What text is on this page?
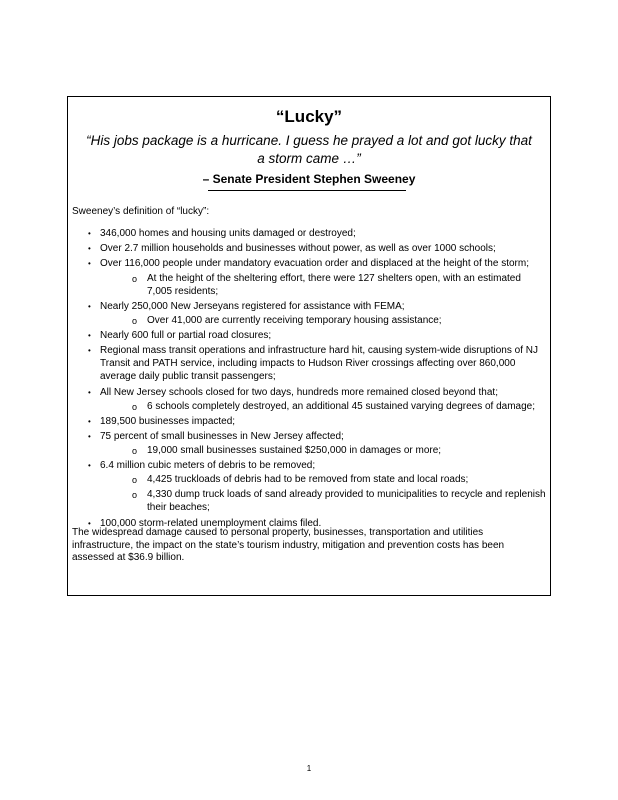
“Lucky”
“His jobs package is a hurricane. I guess he prayed a lot and got lucky that a storm came …”
– Senate President Stephen Sweeney
Sweeney’s definition of “lucky”:
• 346,000 homes and housing units damaged or destroyed;
• Over 2.7 million households and businesses without power, as well as over 1000 schools;
• Over 116,000 people under mandatory evacuation order and displaced at the height of the storm;
o At the height of the sheltering effort, there were 127 shelters open, with an estimated
7,005 residents;
• Nearly 250,000 New Jerseyans registered for assistance with FEMA;
o Over 41,000 are currently receiving temporary housing assistance;
• Nearly 600 full or partial road closures;
• Regional mass transit operations and infrastructure hard hit, causing system-wide disruptions of NJ
Transit and PATH service, including impacts to Hudson River crossings affecting over 860,000
average daily public transit passengers;
• All New Jersey schools closed for two days, hundreds more remained closed beyond that;
o 6 schools completely destroyed, an additional 45 sustained varying degrees of damage;
• 189,500 businesses impacted;
• 75 percent of small businesses in New Jersey affected;
o 19,000 small businesses sustained $250,000 in damages or more;
• 6.4 million cubic meters of debris to be removed;
o 4,425 truckloads of debris had to be removed from state and local roads;
o 4,330 dump truck loads of sand already provided to municipalities to recycle and replenish
their beaches;
• 100,000 storm-related unemployment claims filed.
The widespread damage caused to personal property, businesses, transportation and utilities infrastructure, the impact on the state’s tourism industry, mitigation and prevention costs has been assessed at $36.9 billion.
1
